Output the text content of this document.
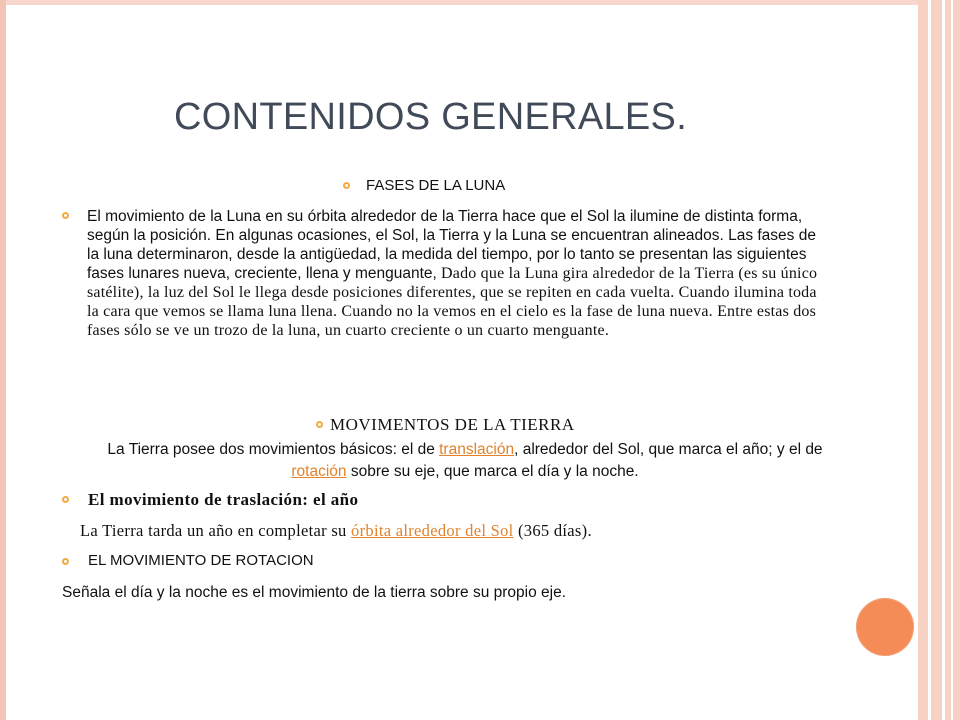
CONTENIDOS GENERALES.

FASES DE LA LUNA

El movimiento de la Luna en su órbita alrededor de la Tierra hace que el Sol la ilumine de distinta forma, según la posición. En algunas ocasiones, el Sol, la Tierra y la Luna se encuentran alineados. Las fases de la luna determinaron, desde la antigüedad, la medida del tiempo, por lo tanto se presentan las siguientes fases lunares nueva, creciente, llena y menguante, Dado que la Luna gira alrededor de la Tierra (es su único satélite), la luz del Sol le llega desde posiciones diferentes, que se repiten en cada vuelta. Cuando ilumina toda la cara que vemos se llama luna llena. Cuando no la vemos en el cielo es la fase de luna nueva. Entre estas dos fases sólo se ve un trozo de la luna, un cuarto creciente o un cuarto menguante.

MOVIMENTOS DE LA TIERRA

La Tierra posee dos movimientos básicos: el de translación, alrededor del Sol, que marca el año; y el de rotación sobre su eje, que marca el día y la noche.

El movimiento de traslación: el año

La Tierra tarda un año en completar su órbita alrededor del Sol (365 días).

EL MOVIMIENTO DE ROTACION

Señala el día y la noche es el movimiento de la tierra sobre su propio eje.
